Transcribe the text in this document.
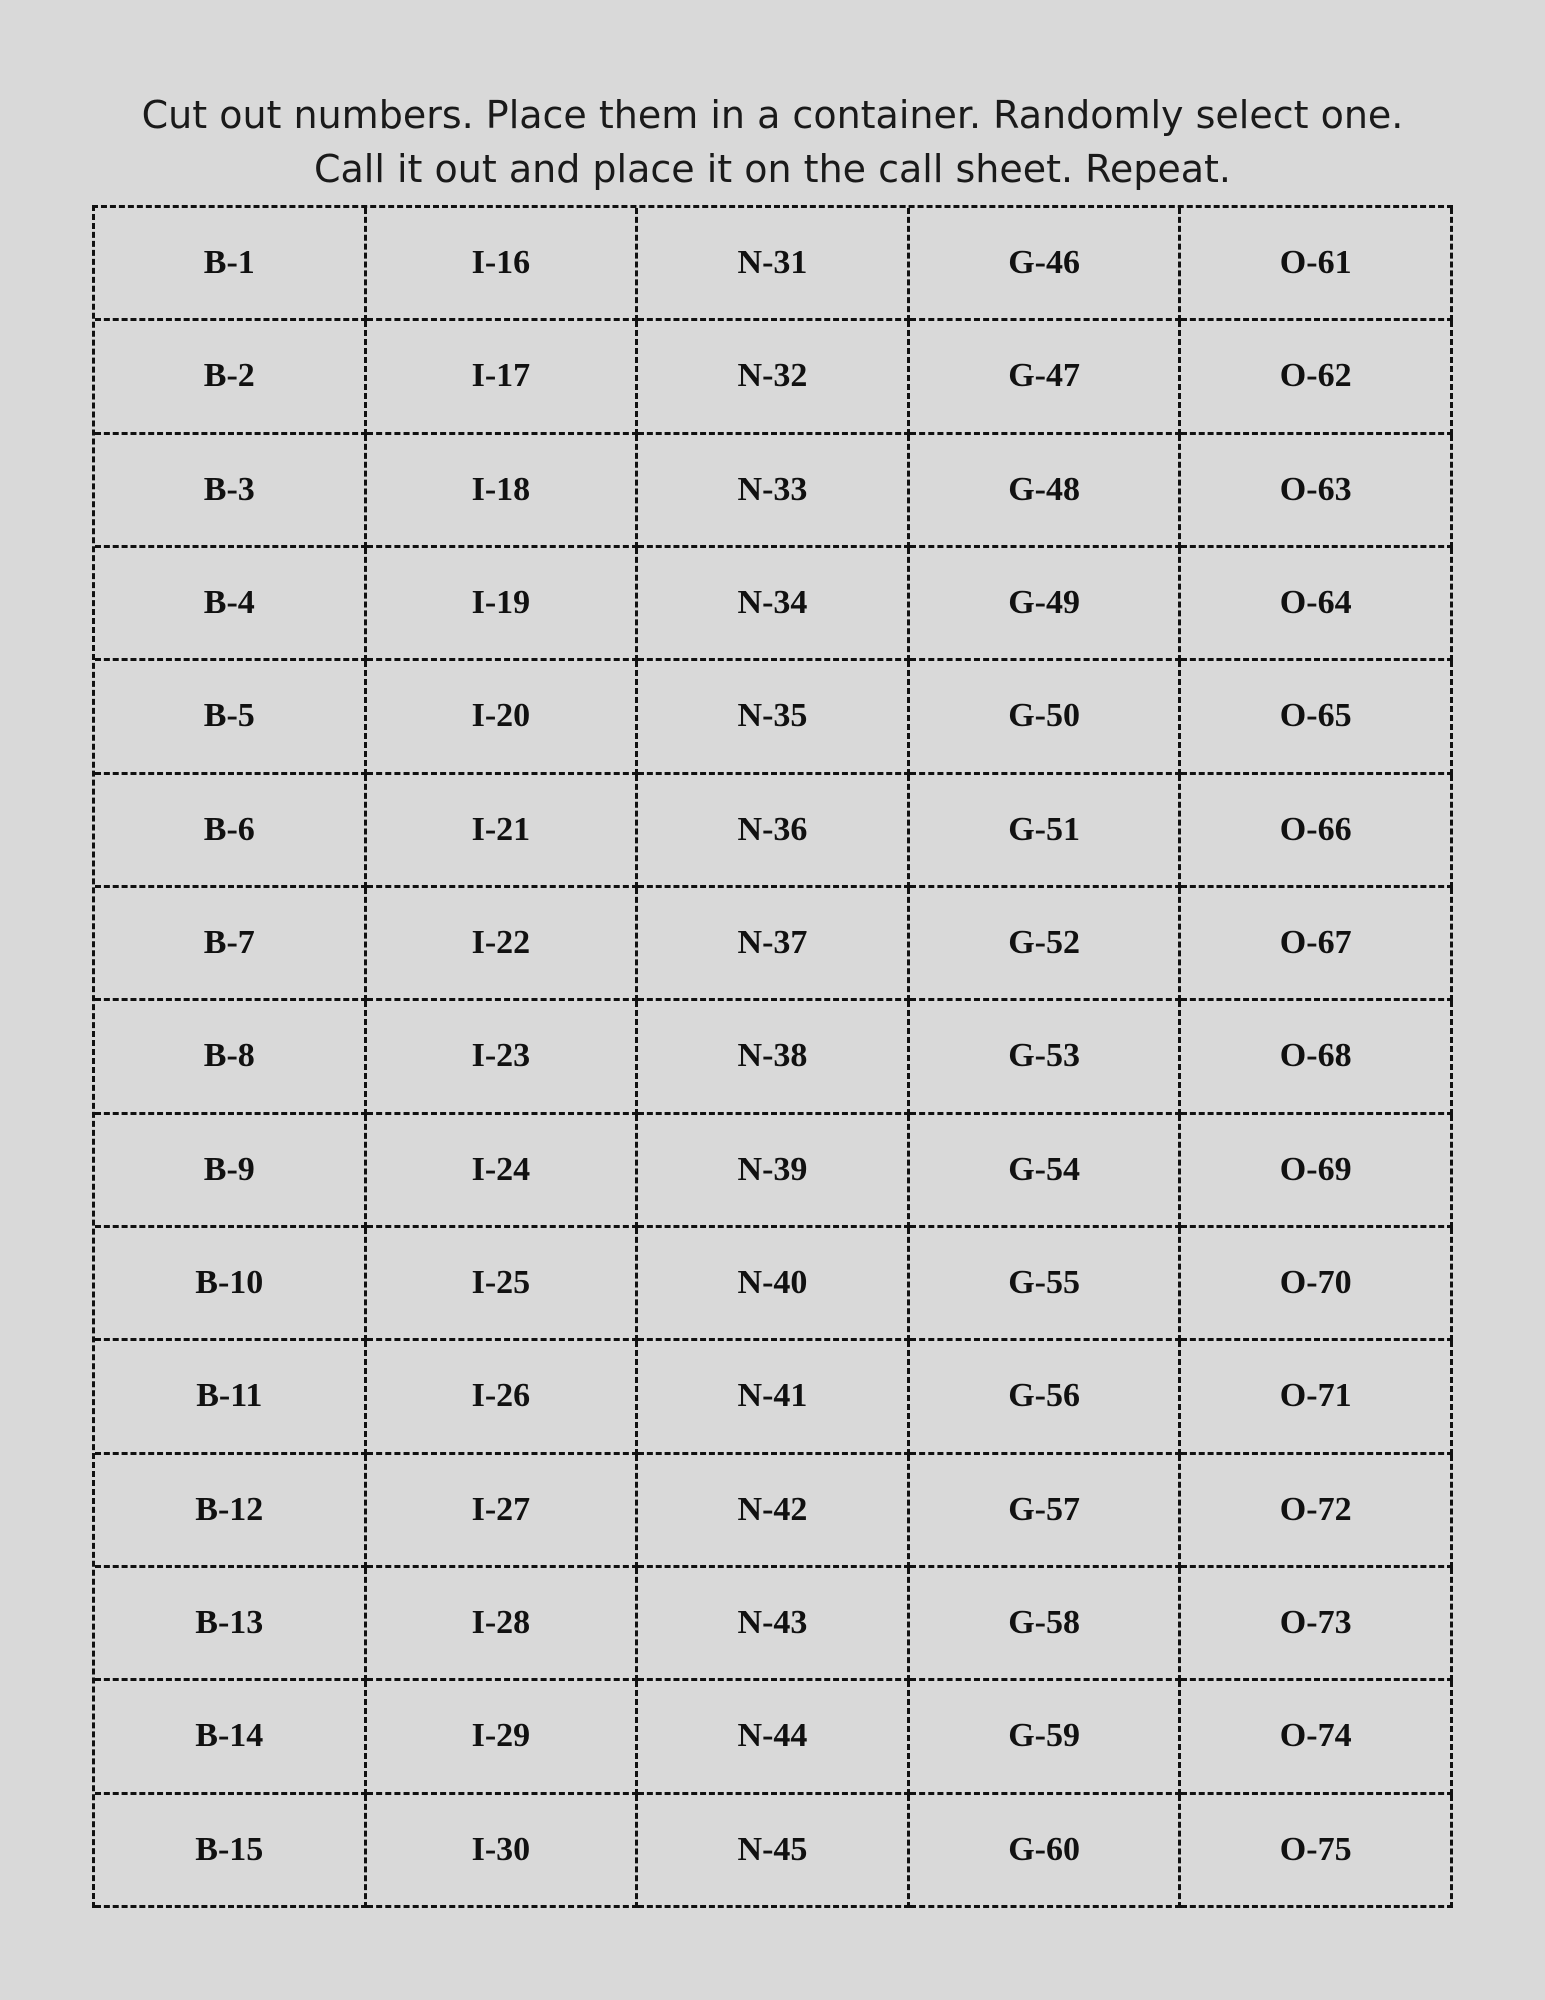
Cut out numbers. Place them in a container. Randomly select one.
Call it out and place it on the call sheet. Repeat.
B-1	I-16	N-31	G-46	O-61
B-2	I-17	N-32	G-47	O-62
B-3	I-18	N-33	G-48	O-63
B-4	I-19	N-34	G-49	O-64
B-5	I-20	N-35	G-50	O-65
B-6	I-21	N-36	G-51	O-66
B-7	I-22	N-37	G-52	O-67
B-8	I-23	N-38	G-53	O-68
B-9	I-24	N-39	G-54	O-69
B-10	I-25	N-40	G-55	O-70
B-11	I-26	N-41	G-56	O-71
B-12	I-27	N-42	G-57	O-72
B-13	I-28	N-43	G-58	O-73
B-14	I-29	N-44	G-59	O-74
B-15	I-30	N-45	G-60	O-75
